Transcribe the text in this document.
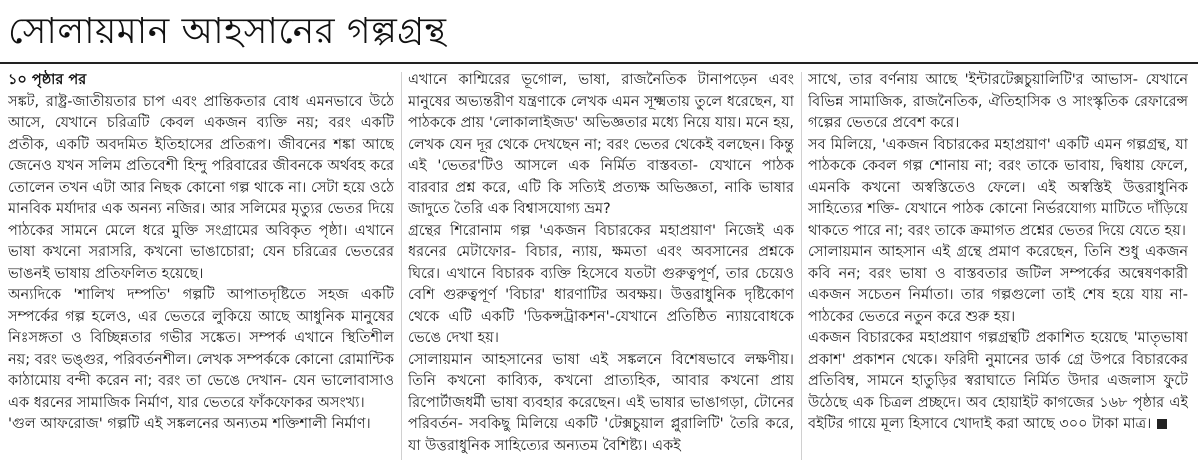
সোলায়মান আহসানের গল্পগ্রন্থ
১০ পৃষ্ঠার পর

সঙ্কট, রাষ্ট্র-জাতীয়তার চাপ এবং প্রান্তিকতার বোধ এমনভাবে উঠে আসে, যেখানে চরিত্রটি কেবল একজন ব্যক্তি নয়; বরং একটি প্রতীক, একটি অবদমিত ইতিহাসের প্রতিরূপ। জীবনের শঙ্কা আছে জেনেও যখন সলিম প্রতিবেশী হিন্দু পরিবারের জীবনকে অর্থবহ করে তোলেন তখন এটা আর নিছক কোনো গল্প থাকে না। সেটা হয়ে ওঠে মানবিক মর্যাদার এক অনন্য নজির। আর সলিমের মৃত্যুর ভেতর দিয়ে পাঠকের সামনে মেলে ধরে মুক্তি সংগ্রামের অবিকৃত পৃষ্ঠা। এখানে ভাষা কখনো সরাসরি, কখনো ভাঙাচোরা; যেন চরিত্রের ভেতরের ভাঙনই ভাষায় প্রতিফলিত হয়েছে।

অন্যদিকে 'শালিখ দম্পতি' গল্পটি আপাতদৃষ্টিতে সহজ একটি সম্পর্কের গল্প হলেও, এর ভেতরে লুকিয়ে আছে আধুনিক মানুষের নিঃসঙ্গতা ও বিচ্ছিন্নতার গভীর সঙ্কেত। সম্পর্ক এখানে স্থিতিশীল নয়; বরং ভঙ্গুর, পরিবর্তনশীল। লেখক সম্পর্ককে কোনো রোমান্টিক কাঠামোয় বন্দী করেন না; বরং তা ভেঙে দেখান- যেন ভালোবাসাও এক ধরনের সামাজিক নির্মাণ, যার ভেতরে ফাঁকফোকর অসংখ্য।

'গুল আফরোজ' গল্পটি এই সঙ্কলনের অন্যতম শক্তিশালী নির্মাণ।

এখানে কাশ্মিরের ভূগোল, ভাষা, রাজনৈতিক টানাপড়েন এবং মানুষের অভ্যন্তরীণ যন্ত্রণাকে লেখক এমন সূক্ষ্মতায় তুলে ধরেছেন, যা পাঠককে প্রায় 'লোকালাইজড' অভিজ্ঞতার মধ্যে নিয়ে যায়। মনে হয়, লেখক যেন দূর থেকে দেখছেন না; বরং ভেতর থেকেই বলছেন। কিন্তু এই 'ভেতর'টিও আসলে এক নির্মিত বাস্তবতা- যেখানে পাঠক বারবার প্রশ্ন করে, এটি কি সত্যিই প্রত্যক্ষ অভিজ্ঞতা, নাকি ভাষার জাদুতে তৈরি এক বিশ্বাসযোগ্য ভ্রম?

গ্রন্থের শিরোনাম গল্প 'একজন বিচারকের মহাপ্রয়াণ' নিজেই এক ধরনের মেটাফোর- বিচার, ন্যায়, ক্ষমতা এবং অবসানের প্রশ্নকে ঘিরে। এখানে বিচারক ব্যক্তি হিসেবে যতটা গুরুত্বপূর্ণ, তার চেয়েও বেশি গুরুত্বপূর্ণ 'বিচার' ধারণাটির অবক্ষয়। উত্তরাধুনিক দৃষ্টিকোণ থেকে এটি একটি 'ডিকন্সট্রাকশন'-যেখানে প্রতিষ্ঠিত ন্যায়বোধকে ভেঙে দেখা হয়।

সোলায়মান আহসানের ভাষা এই সঙ্কলনে বিশেষভাবে লক্ষণীয়। তিনি কখনো কাব্যিক, কখনো প্রাত্যহিক, আবার কখনো প্রায় রিপোর্টাজধর্মী ভাষা ব্যবহার করেছেন। এই ভাষার ভাঙাগড়া, টোনের পরিবর্তন- সবকিছু মিলিয়ে একটি 'টেক্সচুয়াল প্লুরালিটি' তৈরি করে, যা উত্তরাধুনিক সাহিত্যের অন্যতম বৈশিষ্ট্য। একই

সাথে, তার বর্ণনায় আছে 'ইন্টারটেক্সচুয়ালিটি'র আভাস- যেখানে বিভিন্ন সামাজিক, রাজনৈতিক, ঐতিহাসিক ও সাংস্কৃতিক রেফারেন্স গল্পের ভেতরে প্রবেশ করে।

সব মিলিয়ে, 'একজন বিচারকের মহাপ্রয়াণ' একটি এমন গল্পগ্রন্থ, যা পাঠককে কেবল গল্প শোনায় না; বরং তাকে ভাবায়, দ্বিধায় ফেলে, এমনকি কখনো অস্বস্তিতেও ফেলে। এই অস্বস্তিই উত্তরাধুনিক সাহিত্যের শক্তি- যেখানে পাঠক কোনো নির্ভরযোগ্য মাটিতে দাঁড়িয়ে থাকতে পারে না; বরং তাকে ক্রমাগত প্রশ্নের ভেতর দিয়ে যেতে হয়।

সোলায়মান আহসান এই গ্রন্থে প্রমাণ করেছেন, তিনি শুধু একজন কবি নন; বরং ভাষা ও বাস্তবতার জটিল সম্পর্কের অন্বেষণকারী একজন সচেতন নির্মাতা। তার গল্পগুলো তাই শেষ হয়ে যায় না- পাঠকের ভেতরে নতুন করে শুরু হয়।

একজন বিচারকের মহাপ্রয়াণ গল্পগ্রন্থটি প্রকাশিত হয়েছে 'মাতৃভাষা প্রকাশ' প্রকাশন থেকে। ফরিদী নুমানের ডার্ক গ্রে উপরে বিচারকের প্রতিবিম্ব, সামনে হাতুড়ির স্বরাঘাতে নির্মিত উদার এজলাস ফুটে উঠেছে এক চিত্রল প্রচ্ছদে। অব হোয়াইট কাগজের ১৬৮ পৃষ্ঠার এই বইটির গায়ে মূল্য হিসাবে খোদাই করা আছে ৩০০ টাকা মাত্র।
